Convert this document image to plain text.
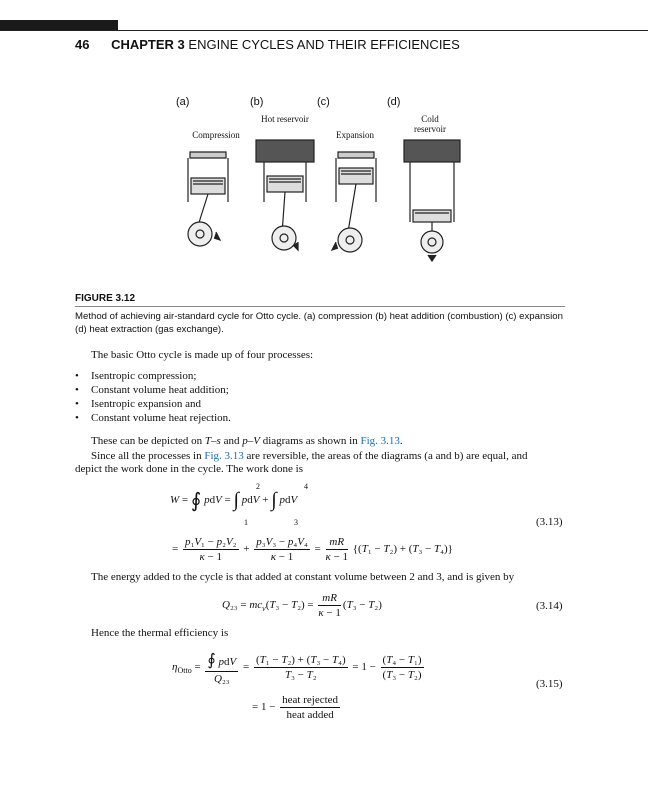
46 CHAPTER 3 ENGINE CYCLES AND THEIR EFFICIENCIES
(a)	(b)	(c)	(d)
Compression
Hot reservoir
Expansion
Cold reservoir
FIGURE 3.12
Method of achieving air-standard cycle for Otto cycle. (a) compression (b) heat addition (combustion) (c) expansion (d) heat extraction (gas exchange).
The basic Otto cycle is made up of four processes:
• Isentropic compression;
• Constant volume heat addition;
• Isentropic expansion and
• Constant volume heat rejection.
These can be depicted on T–s and p–V diagrams as shown in Fig. 3.13.
Since all the processes in Fig. 3.13 are reversible, the areas of the diagrams (a and b) are equal, and
depict the work done in the cycle. The work done is
W = ∮ pdV = ∫ pdV + ∫ pdV
2
1
4
3	(3.13)
= $\frac{\text{p₁V₁ − p₂V₂}}{\kappa - 1} + \frac{\text{p₃V₃ − p₄V₄}}{\kappa - 1} = \frac{mR}{\kappa - 1} \{(T_1 - T_2) + (T_3 - T_4)\}$
The energy added to the cycle is that added at constant volume between 2 and 3, and is given by
$Q_{23} = mc_v(T_3 - T_2) = \frac{mR}{\kappa - 1} (T_3 - T_2)$	(3.14)
Hence the thermal efficiency is
$\eta_{Otto} = \frac{\text{∮ pdV}}{\text{Q₂₃}} = \frac{\text{(T₁ − T₂) + (T₃ − T₄)}}{\text{T₃ − T₂}} = 1 - \frac{\text{(T₄ − T₁)}}{\text{(T₃ − T₂)}}$
(3.15)
= $1 - \frac{\text{heat rejected}}{\text{heat added}}$
